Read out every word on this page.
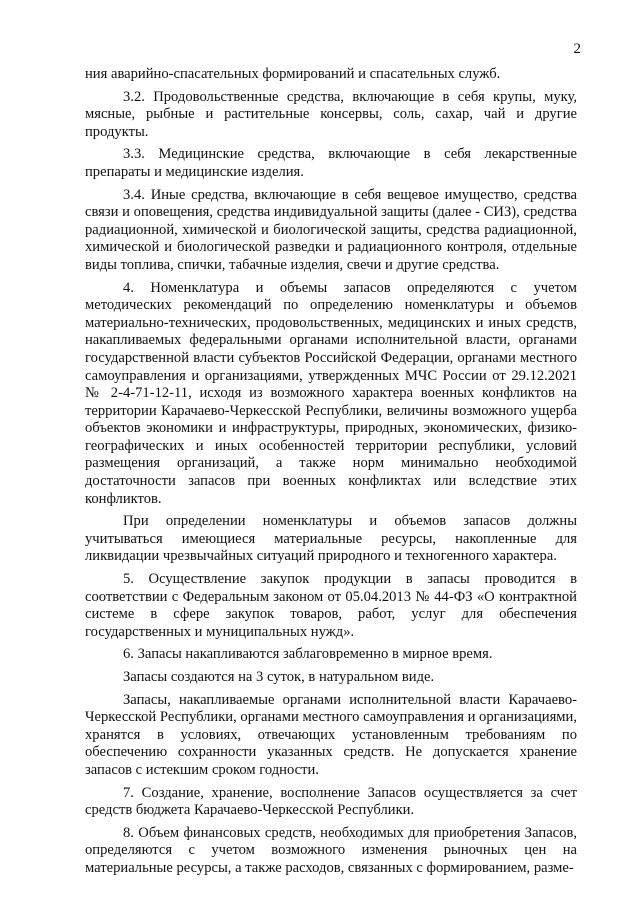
2

ния аварийно-спасательных формирований и спасательных служб.

3.2. Продовольственные средства, включающие в себя крупы, муку, мясные, рыбные и растительные консервы, соль, сахар, чай и другие продукты.

3.3. Медицинские средства, включающие в себя лекарственные препараты и медицинские изделия.

3.4. Иные средства, включающие в себя вещевое имущество, средства связи и оповещения, средства индивидуальной защиты (далее - СИЗ), средства радиационной, химической и биологической защиты, средства радиационной, химической и биологической разведки и радиационного контроля, отдельные виды топлива, спички, табачные изделия, свечи и другие средства.

4. Номенклатура и объемы запасов определяются с учетом методических рекомендаций по определению номенклатуры и объемов материально-технических, продовольственных, медицинских и иных средств, накапливаемых федеральными органами исполнительной власти, органами государственной власти субъектов Российской Федерации, органами местного самоуправления и организациями, утвержденных МЧС России от 29.12.2021 № 2-4-71-12-11, исходя из возможного характера военных конфликтов на территории Карачаево-Черкесской Республики, величины возможного ущерба объектов экономики и инфраструктуры, природных, экономических, физико-географических и иных особенностей территории республики, условий размещения организаций, а также норм минимально необходимой достаточности запасов при военных конфликтах или вследствие этих конфликтов.

При определении номенклатуры и объемов запасов должны учитываться имеющиеся материальные ресурсы, накопленные для ликвидации чрезвычайных ситуаций природного и техногенного характера.

5. Осуществление закупок продукции в запасы проводится в соответствии с Федеральным законом от 05.04.2013 № 44-ФЗ «О контрактной системе в сфере закупок товаров, работ, услуг для обеспечения государственных и муниципальных нужд».

6. Запасы накапливаются заблаговременно в мирное время.

Запасы создаются на 3 суток, в натуральном виде.

Запасы, накапливаемые органами исполнительной власти Карачаево-Черкесской Республики, органами местного самоуправления и организациями, хранятся в условиях, отвечающих установленным требованиям по обеспечению сохранности указанных средств. Не допускается хранение запасов с истекшим сроком годности.

7. Создание, хранение, восполнение Запасов осуществляется за счет средств бюджета Карачаево-Черкесской Республики.

8. Объем финансовых средств, необходимых для приобретения Запасов, определяются с учетом возможного изменения рыночных цен на материальные ресурсы, а также расходов, связанных с формированием, разме-
